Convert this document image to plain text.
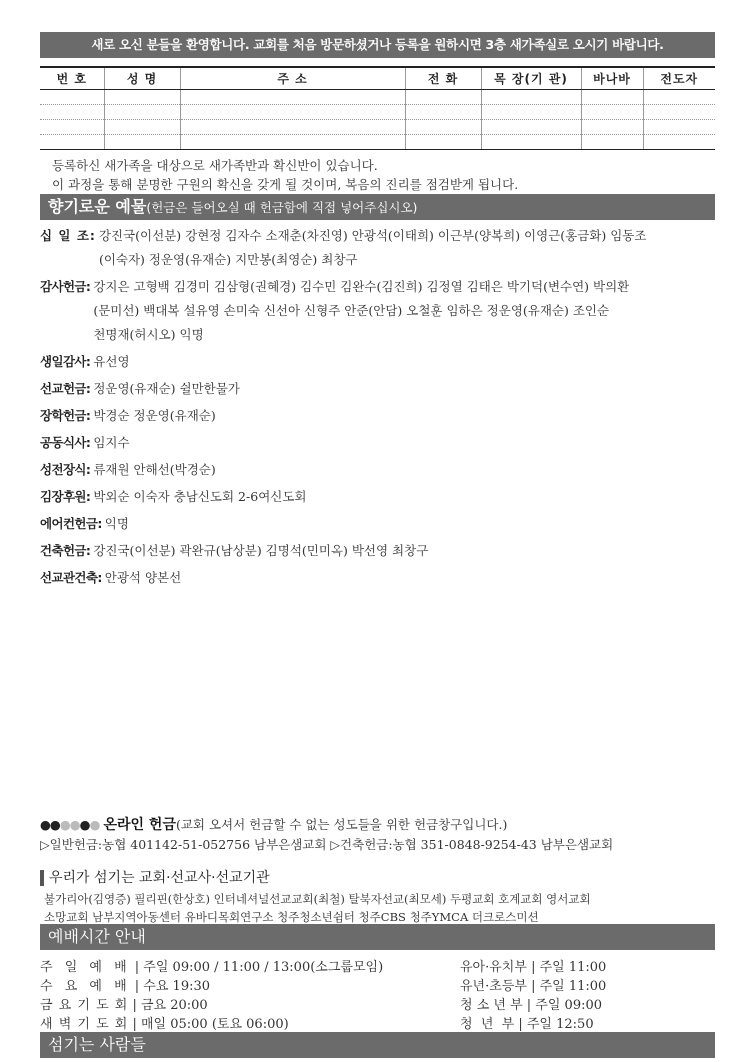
새로 오신 분들을 환영합니다. 교회를 처음 방문하셨거나 등록을 원하시면 3층 새가족실로 오시기 바랍니다.
번 호	성 명	주 소	전 화	목 장(기 관)	바나바	전도자

등록하신 새가족을 대상으로 새가족반과 확신반이 있습니다.
이 과정을 통해 분명한 구원의 확신을 갖게 될 것이며, 복음의 진리를 점검받게 됩니다.
향기로운 예물(헌금은 들어오실 때 헌금함에 직접 넣어주십시오)
십 일 조: 강진국(이선분) 강현정 김자수 소재춘(차진영) 안광석(이태희) 이근부(양복희) 이영근(홍금화) 임동조
(이숙자) 정운영(유재순) 지만봉(최영순) 최창구
감사헌금: 강지은 고형백 김경미 김삼형(권혜경) 김수민 김완수(김진희) 김정열 김태은 박기덕(변수연) 박의환
(문미선) 백대복 설유영 손미숙 신선아 신형주 안준(안담) 오철훈 임하은 정운영(유재순) 조인순
천명재(허시오) 익명
생일감사: 유선영
선교헌금: 정운영(유재순) 쉴만한물가
장학헌금: 박경순 정운영(유재순)
공동식사: 임지수
성전장식: 류재원 안해선(박경순)
김장후원: 박외순 이숙자 충남신도회 2-6여신도회
에어컨헌금: 익명
건축헌금: 강진국(이선분) 곽완규(남상분) 김명석(민미옥) 박선영 최창구
선교관건축: 안광석 양본선
●●●●●● 온라인 헌금(교회 오셔서 헌금할 수 없는 성도들을 위한 헌금창구입니다.)
▷일반헌금:농협 401142-51-052756 남부은샘교회 ▷건축헌금:농협 351-0848-9254-43 남부은샘교회
우리가 섬기는 교회·선교사·선교기관
불가리아(김영증) 필리핀(한상호) 인터네셔널선교교회(최철) 탈북자선교(최모세) 두평교회 호계교회 영서교회
소망교회 남부지역아동센터 유바디목회연구소 청주청소년쉼터 청주CBS 청주YMCA 더크로스미션
예배시간 안내
주 일 예 배 | 주일 09:00 / 11:00 / 13:00(소그룹모임)	유아·유치부 | 주일 11:00
수 요 예 배 | 수요 19:30	유년·초등부 | 주일 11:00
금 요 기 도 회 | 금요 20:00	청 소 년 부 | 주일 09:00
새 벽 기 도 회 | 매일 05:00 (토요 06:00)	청  년  부 | 주일 12:50
섬기는 사람들
